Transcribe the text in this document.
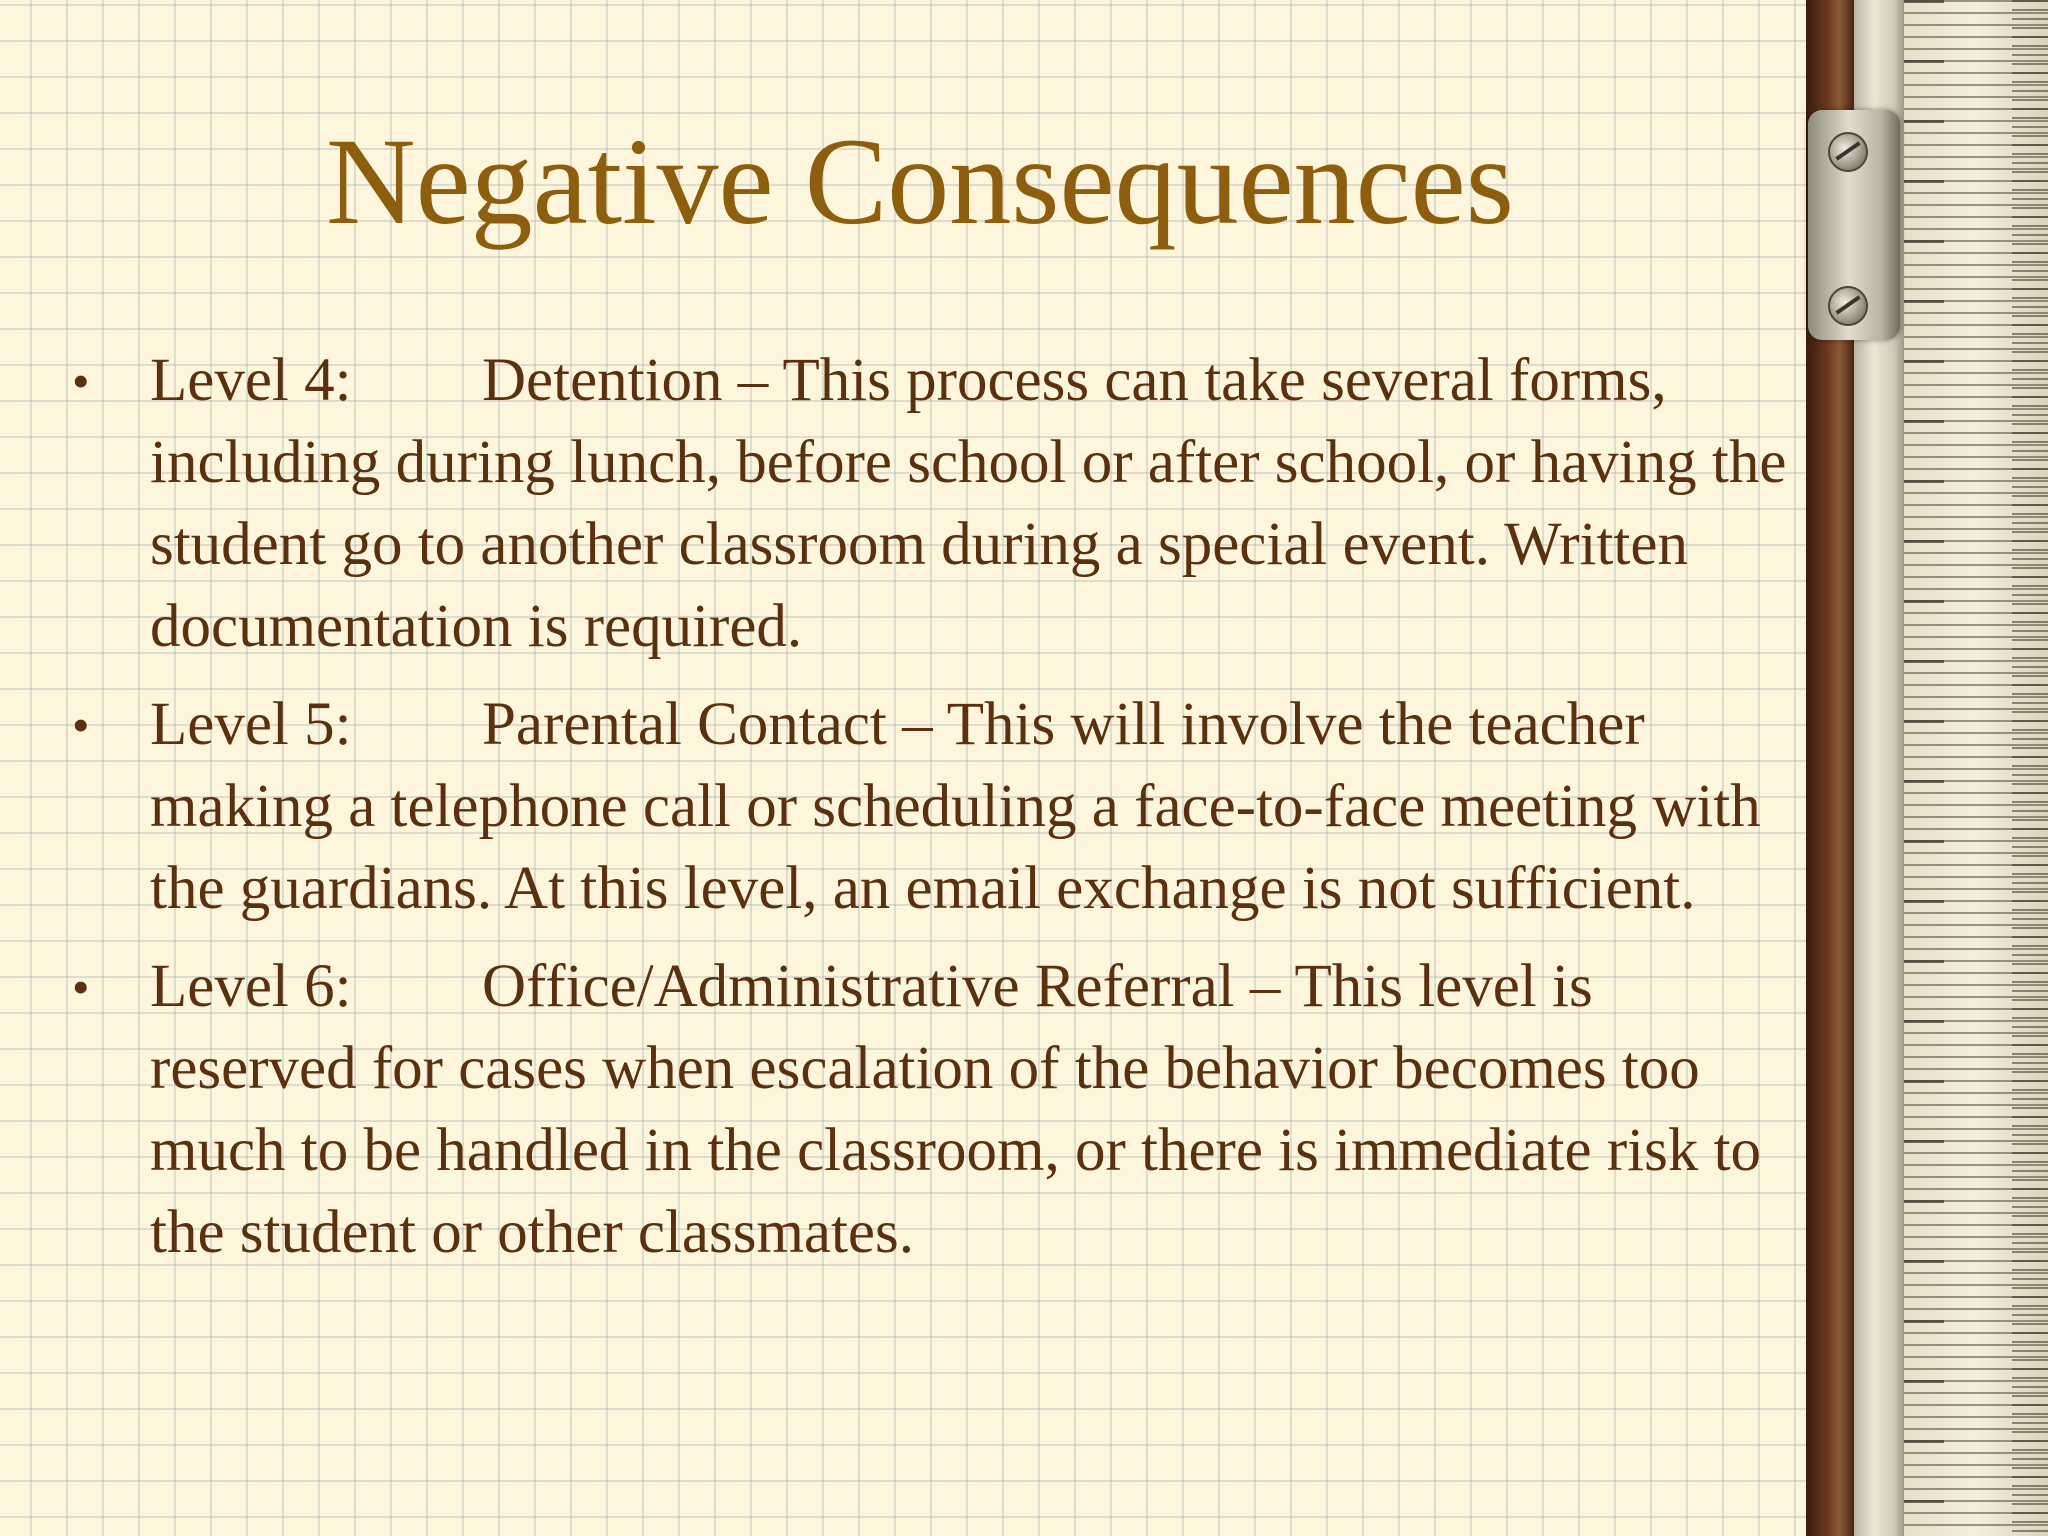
Negative Consequences
• Level 4: Detention – This process can take several forms, including during lunch, before school or after school, or having the student go to another classroom during a special event. Written documentation is required.
• Level 5: Parental Contact – This will involve the teacher making a telephone call or scheduling a face-to-face meeting with the guardians. At this level, an email exchange is not sufficient.
• Level 6: Office/Administrative Referral – This level is reserved for cases when escalation of the behavior becomes too much to be handled in the classroom, or there is immediate risk to the student or other classmates.
